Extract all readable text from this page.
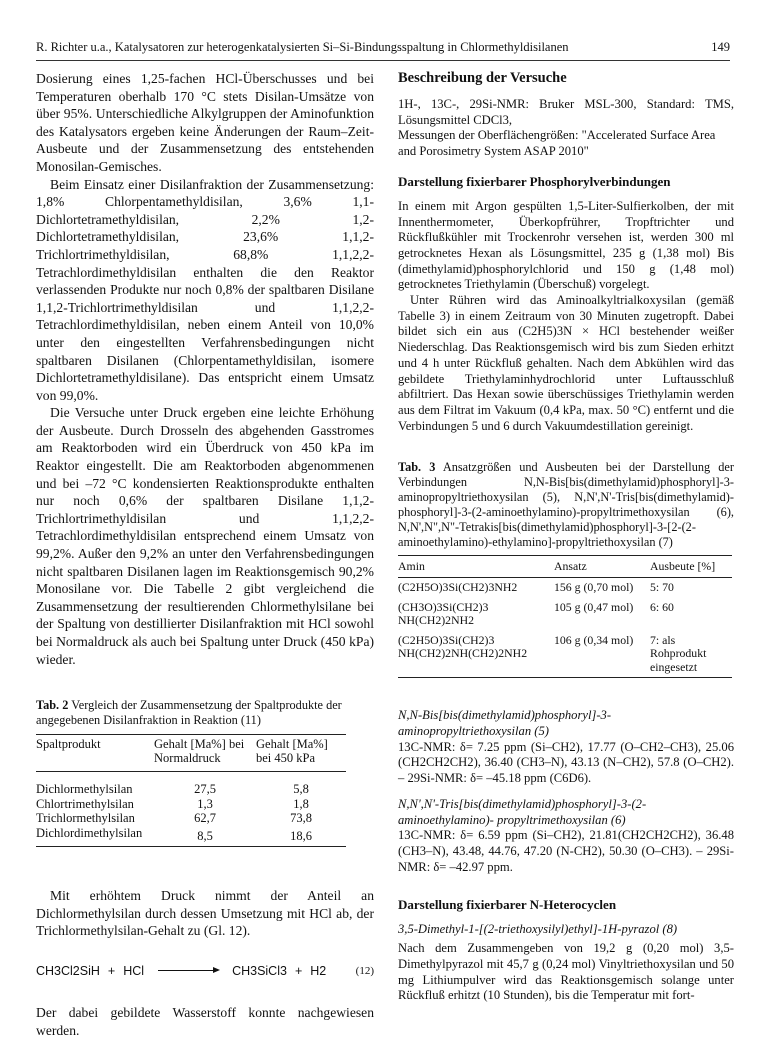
R. Richter u.a., Katalysatoren zur heterogenkatalysierten Si–Si-Bindungsspaltung in Chlormethyldisilanen	149

Dosierung eines 1,25-fachen HCl-Überschusses und bei Temperaturen oberhalb 170 °C stets Disilan-Umsätze von über 95%. Unterschiedliche Alkylgruppen der Aminofunktion des Katalysators ergeben keine Änderungen der Raum–Zeit-Ausbeute und der Zusammensetzung des entstehenden Monosilan-Gemisches.

Beim Einsatz einer Disilanfraktion der Zusammensetzung: 1,8% Chlorpentamethyldisilan, 3,6% 1,1-Dichlortetramethyldisilan, 2,2% 1,2-Dichlortetramethyldisilan, 23,6% 1,1,2-Trichlortrimethyldisilan, 68,8% 1,1,2,2-Tetrachlordimethyldisilan enthalten die den Reaktor verlassenden Produkte nur noch 0,8% der spaltbaren Disilane 1,1,2-Trichlortrimethyldisilan und 1,1,2,2-Tetrachlordimethyldisilan, neben einem Anteil von 10,0% unter den eingestellten Verfahrensbedingungen nicht spaltbaren Disilanen (Chlorpentamethyldisilan, isomere Dichlortetramethyldisilane). Das entspricht einem Umsatz von 99,0%.

Die Versuche unter Druck ergeben eine leichte Erhöhung der Ausbeute. Durch Drosseln des abgehenden Gasstromes am Reaktorboden wird ein Überdruck von 450 kPa im Reaktor eingestellt. Die am Reaktorboden abgenommenen und bei –72 °C kondensierten Reaktionsprodukte enthalten nur noch 0,6% der spaltbaren Disilane 1,1,2-Trichlortrimethyldisilan und 1,1,2,2-Tetrachlordimethyldisilan entsprechend einem Umsatz von 99,2%. Außer den 9,2% an unter den Verfahrensbedingungen nicht spaltbaren Disilanen lagen im Reaktionsgemisch 90,2% Monosilane vor. Die Tabelle 2 gibt vergleichend die Zusammensetzung der resultierenden Chlormethylsilane bei der Spaltung von destillierter Disilanfraktion mit HCl sowohl bei Normaldruck als auch bei Spaltung unter Druck (450 kPa) wieder.

Tab. 2 Vergleich der Zusammensetzung der Spaltprodukte der angegebenen Disilanfraktion in Reaktion (11)

Spaltprodukt	Gehalt [Ma%] bei Normaldruck	Gehalt [Ma%] bei 450 kPa
Dichlormethylsilan	27,5	5,8
Chlortrimethylsilan	1,3	1,8
Trichlormethylsilan	62,7	73,8
Dichlordimethylsilan	8,5	18,6

Mit erhöhtem Druck nimmt der Anteil an Dichlormethylsilan durch dessen Umsetzung mit HCl ab, der Trichlormethylsilan-Gehalt zu (Gl. 12).

CH3Cl2SiH + HCl	CH3SiCl3 + H2	(12)

Der dabei gebildete Wasserstoff konnte nachgewiesen werden.

Beschreibung der Versuche

1H-, 13C-, 29Si-NMR: Bruker MSL-300, Standard: TMS, Lösungsmittel CDCl3,

Messungen der Oberflächengrößen: "Accelerated Surface Area and Porosimetry System ASAP 2010"

Darstellung fixierbarer Phosphorylverbindungen

In einem mit Argon gespülten 1,5-Liter-Sulfierkolben, der mit Innenthermometer, Überkopfrührer, Tropftrichter und Rückflußkühler mit Trockenrohr versehen ist, werden 300 ml getrocknetes Hexan als Lösungsmittel, 235 g (1,38 mol) Bis (dimethylamid)phosphorylchlorid und 150 g (1,48 mol) getrocknetes Triethylamin (Überschuß) vorgelegt.

Unter Rühren wird das Aminoalkyltrialkoxysilan (gemäß Tabelle 3) in einem Zeitraum von 30 Minuten zugetropft. Dabei bildet sich ein aus (C2H5)3N × HCl bestehender weißer Niederschlag. Das Reaktionsgemisch wird bis zum Sieden erhitzt und 4 h unter Rückfluß gehalten. Nach dem Abkühlen wird das gebildete Triethylaminhydrochlorid unter Luftausschluß abfiltriert. Das Hexan sowie überschüssiges Triethylamin werden aus dem Filtrat im Vakuum (0,4 kPa, max. 50 °C) entfernt und die Verbindungen 5 und 6 durch Vakuumdestillation gereinigt.

Tab. 3 Ansatzgrößen und Ausbeuten bei der Darstellung der Verbindungen N,N-Bis[bis(dimethylamid)phosphoryl]-3-aminopropyltriethoxysilan (5), N,N',N'-Tris[bis(dimethylamid)-phosphoryl]-3-(2-aminoethylamino)-propyltrimethoxysilan (6), N,N',N",N"-Tetrakis[bis(dimethylamid)phosphoryl]-3-[2-(2-aminoethylamino)-ethylamino]-propyltriethoxysilan (7)

Amin	Ansatz	Ausbeute [%]
(C2H5O)3Si(CH2)3NH2	156 g (0,70 mol)	5: 70
(CH3O)3Si(CH2)3 NH(CH2)2NH2	105 g (0,47 mol)	6: 60
(C2H5O)3Si(CH2)3 NH(CH2)2NH(CH2)2NH2	106 g (0,34 mol)	7: als Rohprodukt eingesetzt

N,N-Bis[bis(dimethylamid)phosphoryl]-3-aminopropyltriethoxysilan (5)

13C-NMR: δ= 7.25 ppm (Si–CH2), 17.77 (O–CH2–CH3), 25.06 (CH2CH2CH2), 36.40 (CH3–N), 43.13 (N–CH2), 57.8 (O–CH2). – 29Si-NMR: δ= –45.18 ppm (C6D6).

N,N',N'-Tris[bis(dimethylamid)phosphoryl]-3-(2-aminoethylamino)- propyltrimethoxysilan (6)

13C-NMR: δ= 6.59 ppm (Si–CH2), 21.81(CH2CH2CH2), 36.48 (CH3–N), 43.48, 44.76, 47.20 (N-CH2), 50.30 (O–CH3). – 29Si-NMR: δ= –42.97 ppm.

Darstellung fixierbarer N-Heterocyclen

3,5-Dimethyl-1-[(2-triethoxysilyl)ethyl]-1H-pyrazol (8)

Nach dem Zusammengeben von 19,2 g (0,20 mol) 3,5-Dimethylpyrazol mit 45,7 g (0,24 mol) Vinyltriethoxysilan und 50 mg Lithiumpulver wird das Reaktionsgemisch solange unter Rückfluß erhitzt (10 Stunden), bis die Temperatur mit fort-
